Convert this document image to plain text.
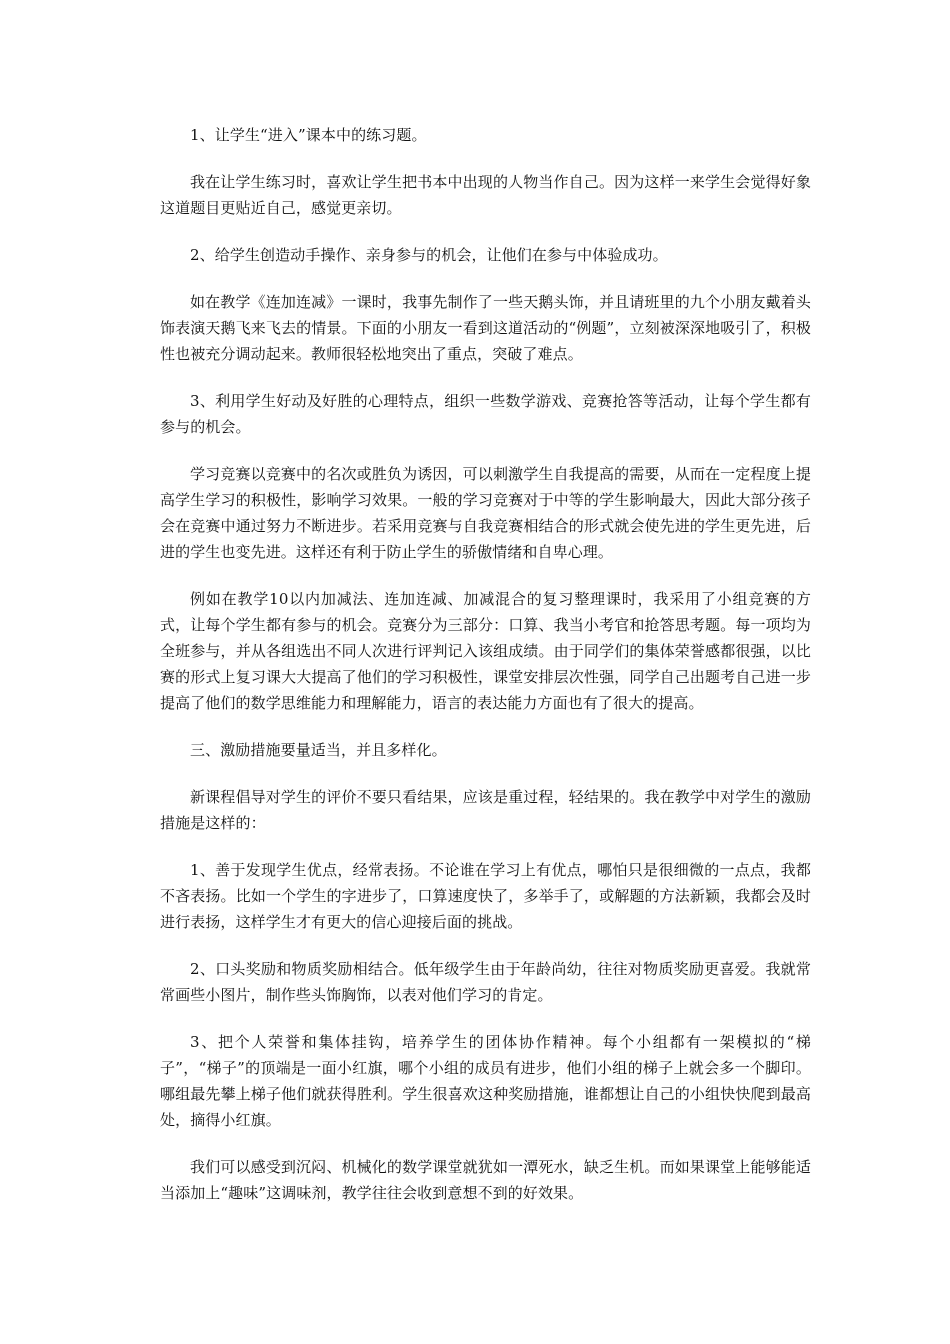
1、让学生“进入”课本中的练习题。

我在让学生练习时，喜欢让学生把书本中出现的人物当作自己。因为这样一来学生会觉得好象这道题目更贴近自己，感觉更亲切。

2、给学生创造动手操作、亲身参与的机会，让他们在参与中体验成功。

如在教学《连加连减》一课时，我事先制作了一些天鹅头饰，并且请班里的九个小朋友戴着头饰表演天鹅飞来飞去的情景。下面的小朋友一看到这道活动的“例题”，立刻被深深地吸引了，积极性也被充分调动起来。教师很轻松地突出了重点，突破了难点。

3、利用学生好动及好胜的心理特点，组织一些数学游戏、竞赛抢答等活动，让每个学生都有参与的机会。

学习竞赛以竞赛中的名次或胜负为诱因，可以刺激学生自我提高的需要，从而在一定程度上提高学生学习的积极性，影响学习效果。一般的学习竞赛对于中等的学生影响最大，因此大部分孩子会在竞赛中通过努力不断进步。若采用竞赛与自我竞赛相结合的形式就会使先进的学生更先进，后进的学生也变先进。这样还有利于防止学生的骄傲情绪和自卑心理。

例如在教学10以内加减法、连加连减、加减混合的复习整理课时，我采用了小组竞赛的方式，让每个学生都有参与的机会。竞赛分为三部分：口算、我当小考官和抢答思考题。每一项均为全班参与，并从各组选出不同人次进行评判记入该组成绩。由于同学们的集体荣誉感都很强，以比赛的形式上复习课大大提高了他们的学习积极性，课堂安排层次性强，同学自己出题考自己进一步提高了他们的数学思维能力和理解能力，语言的表达能力方面也有了很大的提高。

三、激励措施要量适当，并且多样化。

新课程倡导对学生的评价不要只看结果，应该是重过程，轻结果的。我在教学中对学生的激励措施是这样的：

1、善于发现学生优点，经常表扬。不论谁在学习上有优点，哪怕只是很细微的一点点，我都不吝表扬。比如一个学生的字进步了，口算速度快了，多举手了，或解题的方法新颖，我都会及时进行表扬，这样学生才有更大的信心迎接后面的挑战。

2、口头奖励和物质奖励相结合。低年级学生由于年龄尚幼，往往对物质奖励更喜爱。我就常常画些小图片，制作些头饰胸饰，以表对他们学习的肯定。

3、把个人荣誉和集体挂钩，培养学生的团体协作精神。每个小组都有一架模拟的“梯子”，“梯子”的顶端是一面小红旗，哪个小组的成员有进步，他们小组的梯子上就会多一个脚印。哪组最先攀上梯子他们就获得胜利。学生很喜欢这种奖励措施，谁都想让自己的小组快快爬到最高处，摘得小红旗。

我们可以感受到沉闷、机械化的数学课堂就犹如一潭死水，缺乏生机。而如果课堂上能够能适当添加上“趣味”这调味剂，教学往往会收到意想不到的好效果。
